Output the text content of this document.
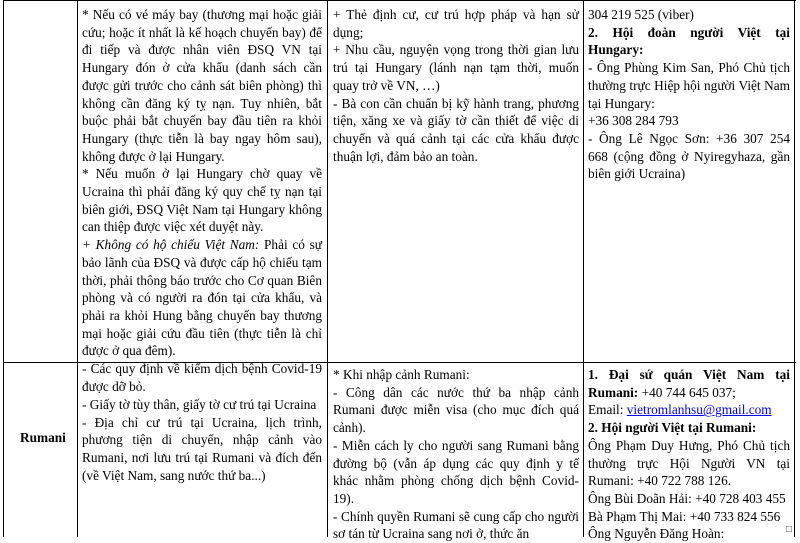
* Nếu có vé máy bay (thương mại hoặc giải cứu; hoặc ít nhất là kế hoạch chuyến bay) để đi tiếp và được nhân viên ĐSQ VN tại Hungary đón ở cửa khẩu (danh sách cần được gửi trước cho cảnh sát biên phòng) thì không cần đăng ký tỵ nạn. Tuy nhiên, bắt buộc phải bắt chuyến bay đầu tiên ra khỏi Hungary (thực tiễn là bay ngay hôm sau), không được ở lại Hungary.

* Nếu muốn ở lại Hungary chờ quay về Ucraina thì phải đăng ký quy chế tỵ nạn tại biên giới, ĐSQ Việt Nam tại Hungary không can thiệp được việc xét duyệt này.

+ Không có hộ chiếu Việt Nam: Phải có sự bảo lãnh của ĐSQ và được cấp hộ chiếu tạm thời, phải thông báo trước cho Cơ quan Biên phòng và có người ra đón tại cửa khẩu, và phải ra khỏi Hung bằng chuyến bay thương mại hoặc giải cứu đầu tiên (thực tiễn là chỉ được ở qua đêm).

- Các quy định về kiểm dịch bệnh Covid-19 được dỡ bỏ.

+ Thẻ định cư, cư trú hợp pháp và hạn sử dụng;

+ Nhu cầu, nguyện vọng trong thời gian lưu trú tại Hungary (lánh nạn tạm thời, muốn quay trở về VN, …)

- Bà con cần chuẩn bị kỹ hành trang, phương tiện, xăng xe và giấy tờ cần thiết để việc di chuyển và quá cảnh tại các cửa khẩu được thuận lợi, đảm bảo an toàn.

304 219 525 (viber)

2. Hội đoàn người Việt tại Hungary:

- Ông Phùng Kim San, Phó Chủ tịch thường trực Hiệp hội người Việt Nam tại Hungary:

+36 308 284 793

- Ông Lê Ngọc Sơn: +36 307 254 668 (cộng đồng ở Nyiregyhaza, gần biên giới Ucraina)

Rumani

- Giấy tờ tùy thân, giấy tờ cư trú tại Ucraina

- Địa chỉ cư trú tại Ucraina, lịch trình, phương tiện di chuyển, nhập cảnh vào Rumani, nơi lưu trú tại Rumani và đích đến (về Việt Nam, sang nước thứ ba...)

* Khi nhập cảnh Rumani:

- Công dân các nước thứ ba nhập cảnh Rumani được miễn visa (cho mục đích quá cảnh).

- Miễn cách ly cho người sang Rumani bằng đường bộ (vẫn áp dụng các quy định y tế khác nhằm phòng chống dịch bệnh Covid-19).

- Chính quyền Rumani sẽ cung cấp cho người sơ tán từ Ucraina sang nơi ở, thức ăn

1. Đại sứ quán Việt Nam tại Rumani: +40 744 645 037;

Email: vietromlanhsu@gmail.com

2. Hội người Việt tại Rumani:

Ông Phạm Duy Hưng, Phó Chủ tịch thường trực Hội Người VN tại Rumani: +40 722 788 126.

Ông Bùi Doãn Hải: +40 728 403 455

Bà Phạm Thị Mai: +40 733 824 556

Ông Nguyễn Đăng Hoàn:	□
